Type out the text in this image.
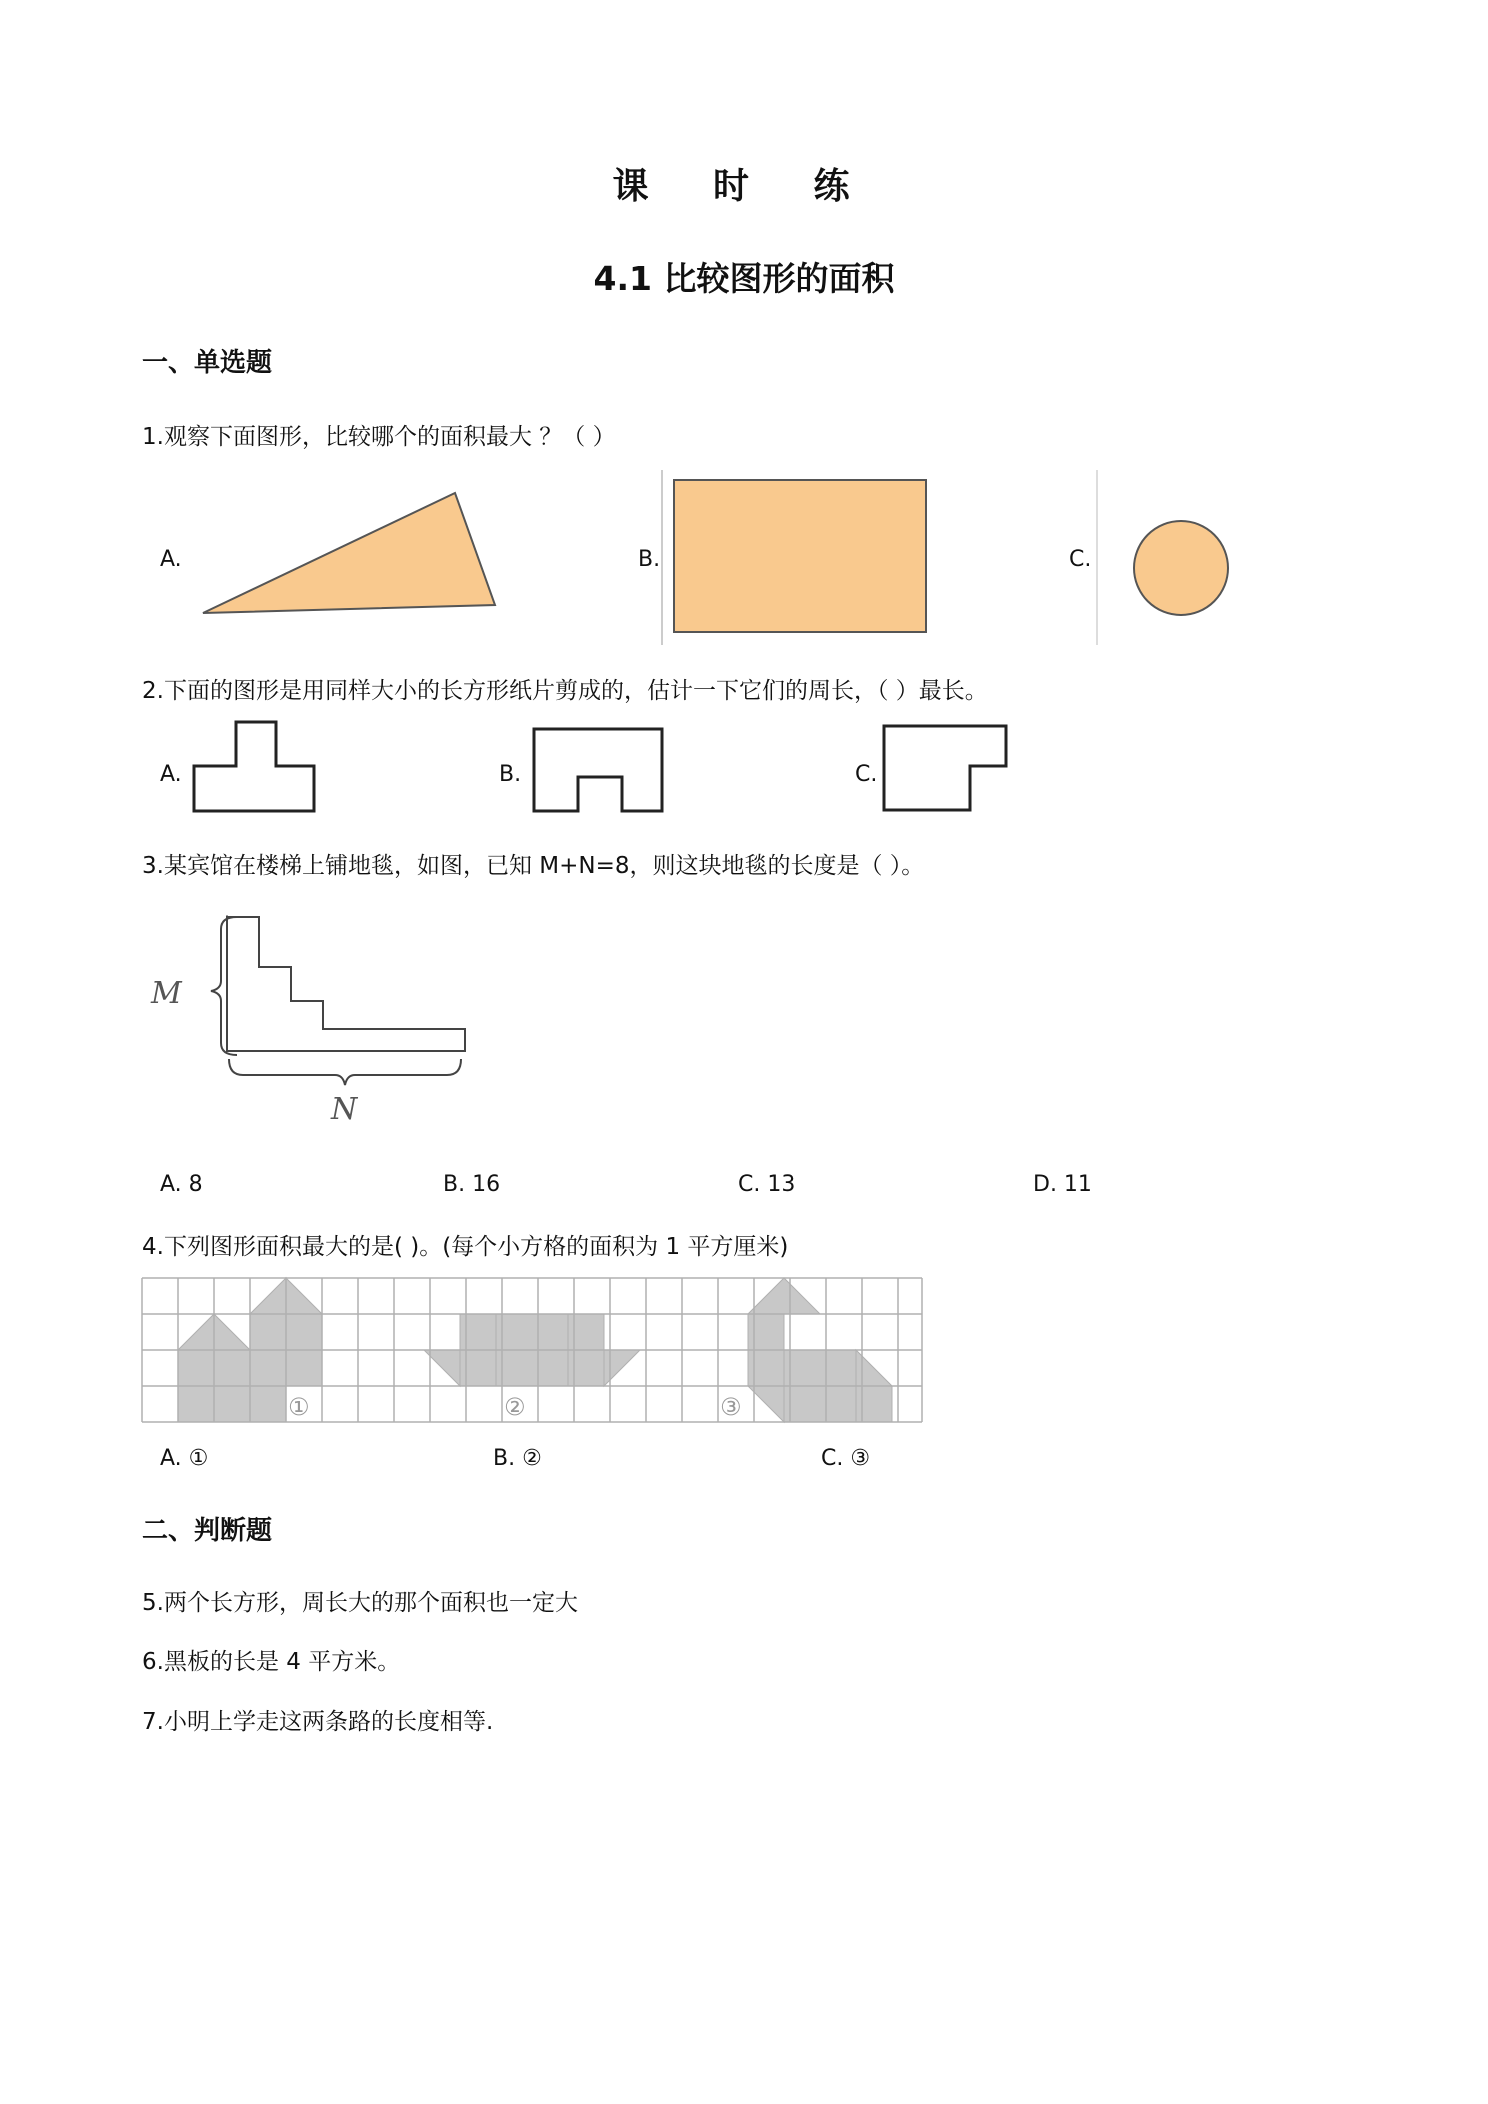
课 时 练
4.1 比较图形的面积
一、单选题
1.观察下面图形，比较哪个的面积最大 ？（ ）
A.	B.	C.
2.下面的图形是用同样大小的长方形纸片剪成的，估计一下它们的周长，（ ）最长。
A.	B.	C.
3.某宾馆在楼梯上铺地毯，如图，已知 M+N=8，则这块地毯的长度是（ ）。
M
N
A. 8	B. 16	C. 13	D. 11
4.下列图形面积最大的是( )。(每个小方格的面积为 1 平方厘米)
①	②	③
A. ①	B. ②	C. ③
二、判断题
5.两个长方形，周长大的那个面积也一定大
6.黑板的长是 4 平方米。
7.小明上学走这两条路的长度相等.
